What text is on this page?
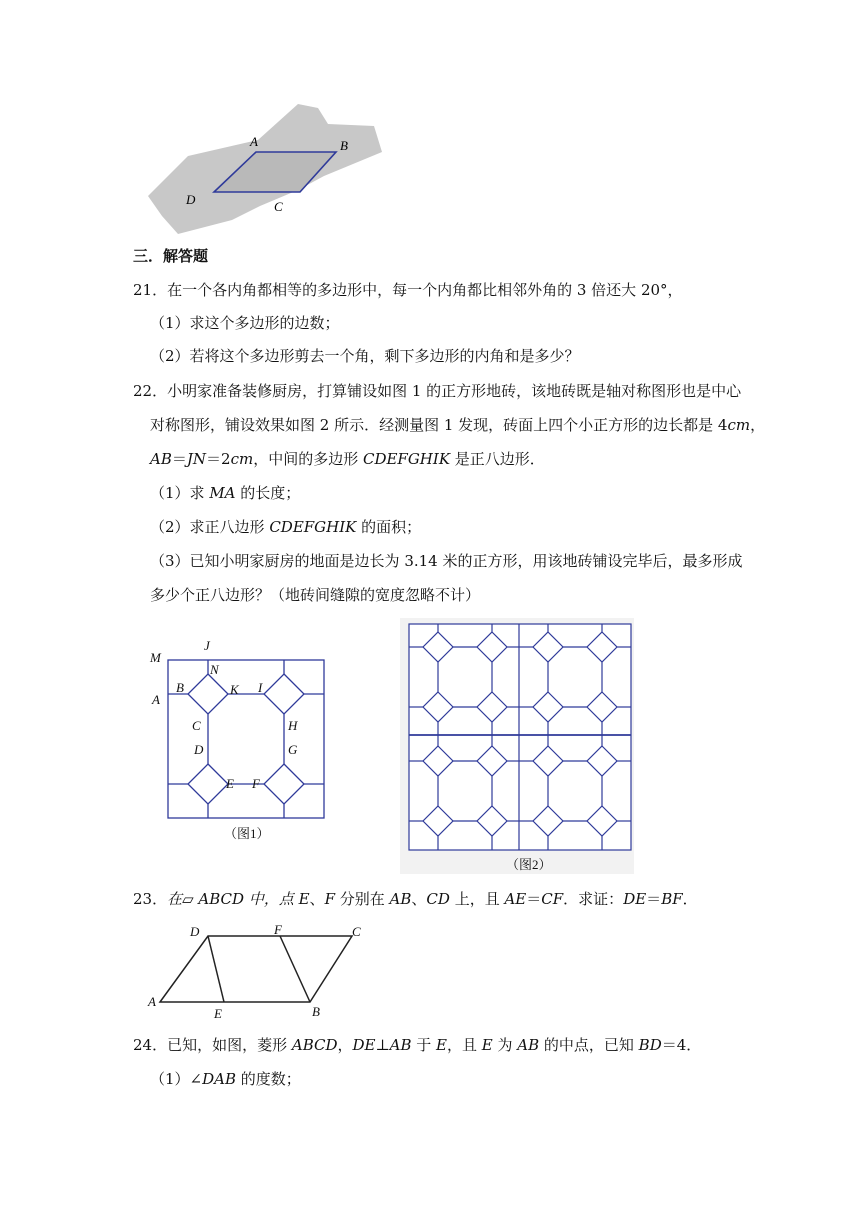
A	B
C
D
三．解答题
21．在一个各内角都相等的多边形中，每一个内角都比相邻外角的 3 倍还大 20°，
（1）求这个多边形的边数；
（2）若将这个多边形剪去一个角，剩下多边形的内角和是多少？
22．小明家准备装修厨房，打算铺设如图 1 的正方形地砖，该地砖既是轴对称图形也是中心
对称图形，铺设效果如图 2 所示．经测量图 1 发现，砖面上四个小正方形的边长都是 4cm，
AB＝JN＝2cm，中间的多边形 CDEFGHIK 是正八边形．
（1）求 MA 的长度；
（2）求正八边形 CDEFGHIK 的面积；
（3）已知小明家厨房的地面是边长为 3.14 米的正方形，用该地砖铺设完毕后，最多形成
多少个正八边形？（地砖间缝隙的宽度忽略不计）
M
J
N
A
B	K I
C	H
D	G
E F
（图1）
（图2）
23．在▱ ABCD 中，点 E、F 分别在 AB、CD 上，且 AE＝CF．求证：DE＝BF．
D	F	C
A
E	B
24．已知，如图，菱形 ABCD，DE⊥AB 于 E，且 E 为 AB 的中点，已知 BD＝4．
（1）∠DAB 的度数；
